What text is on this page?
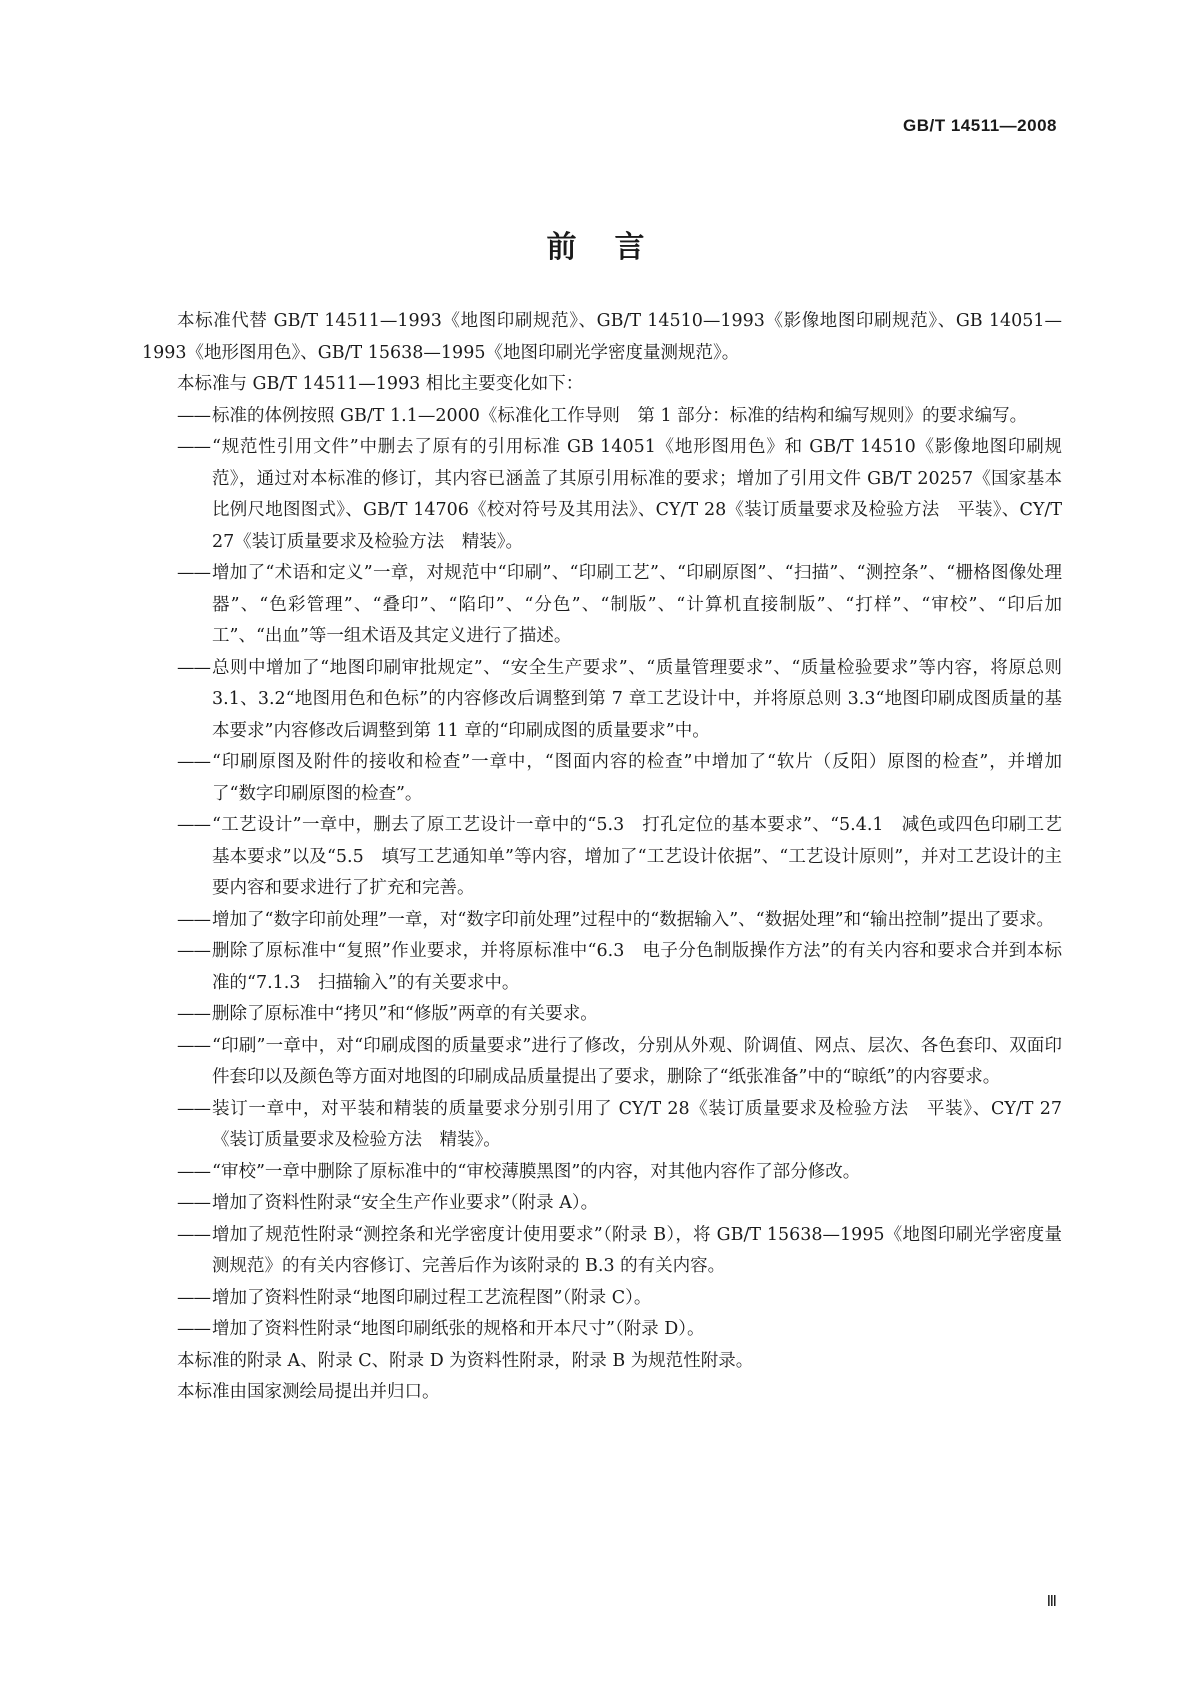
GB/T 14511—2008
前言

本标准代替 GB/T 14511—1993《地图印刷规范》、GB/T 14510—1993《影像地图印刷规范》、GB 14051—1993《地形图用色》、GB/T 15638—1995《地图印刷光学密度量测规范》。

本标准与 GB/T 14511—1993 相比主要变化如下：

—— 标准的体例按照 GB/T 1.1—2000《标准化工作导则　第 1 部分：标准的结构和编写规则》的要求编写。
—— “规范性引用文件”中删去了原有的引用标准 GB 14051《地形图用色》和 GB/T 14510《影像地图印刷规范》，通过对本标准的修订，其内容已涵盖了其原引用标准的要求；增加了引用文件 GB/T 20257《国家基本比例尺地图图式》、GB/T 14706《校对符号及其用法》、CY/T 28《装订质量要求及检验方法　平装》、CY/T 27《装订质量要求及检验方法　精装》。
—— 增加了“术语和定义”一章，对规范中“印刷”、“印刷工艺”、“印刷原图”、“扫描”、“测控条”、“栅格图像处理器”、“色彩管理”、“叠印”、“陷印”、“分色”、“制版”、“计算机直接制版”、“打样”、“审校”、“印后加工”、“出血”等一组术语及其定义进行了描述。
—— 总则中增加了“地图印刷审批规定”、“安全生产要求”、“质量管理要求”、“质量检验要求”等内容，将原总则 3.1、3.2“地图用色和色标”的内容修改后调整到第 7 章工艺设计中，并将原总则 3.3“地图印刷成图质量的基本要求”内容修改后调整到第 11 章的“印刷成图的质量要求”中。
—— “印刷原图及附件的接收和检查”一章中，“图面内容的检查”中增加了“软片（反阳）原图的检查”，并增加了“数字印刷原图的检查”。
—— “工艺设计”一章中，删去了原工艺设计一章中的“5.3　打孔定位的基本要求”、“5.4.1　减色或四色印刷工艺基本要求”以及“5.5　填写工艺通知单”等内容，增加了“工艺设计依据”、“工艺设计原则”，并对工艺设计的主要内容和要求进行了扩充和完善。
—— 增加了“数字印前处理”一章，对“数字印前处理”过程中的“数据输入”、“数据处理”和“输出控制”提出了要求。
—— 删除了原标准中“复照”作业要求，并将原标准中“6.3　电子分色制版操作方法”的有关内容和要求合并到本标准的“7.1.3　扫描输入”的有关要求中。
—— 删除了原标准中“拷贝”和“修版”两章的有关要求。
—— “印刷”一章中，对“印刷成图的质量要求”进行了修改，分别从外观、阶调值、网点、层次、各色套印、双面印件套印以及颜色等方面对地图的印刷成品质量提出了要求，删除了“纸张准备”中的“晾纸”的内容要求。
—— 装订一章中，对平装和精装的质量要求分别引用了 CY/T 28《装订质量要求及检验方法　平装》、CY/T 27《装订质量要求及检验方法　精装》。
—— “审校”一章中删除了原标准中的“审校薄膜黑图”的内容，对其他内容作了部分修改。
—— 增加了资料性附录“安全生产作业要求”（附录 A）。
—— 增加了规范性附录“测控条和光学密度计使用要求”（附录 B），将 GB/T 15638—1995《地图印刷光学密度量测规范》的有关内容修订、完善后作为该附录的 B.3 的有关内容。
—— 增加了资料性附录“地图印刷过程工艺流程图”（附录 C）。
—— 增加了资料性附录“地图印刷纸张的规格和开本尺寸”（附录 D）。

本标准的附录 A、附录 C、附录 D 为资料性附录，附录 B 为规范性附录。

本标准由国家测绘局提出并归口。

Ⅲ
